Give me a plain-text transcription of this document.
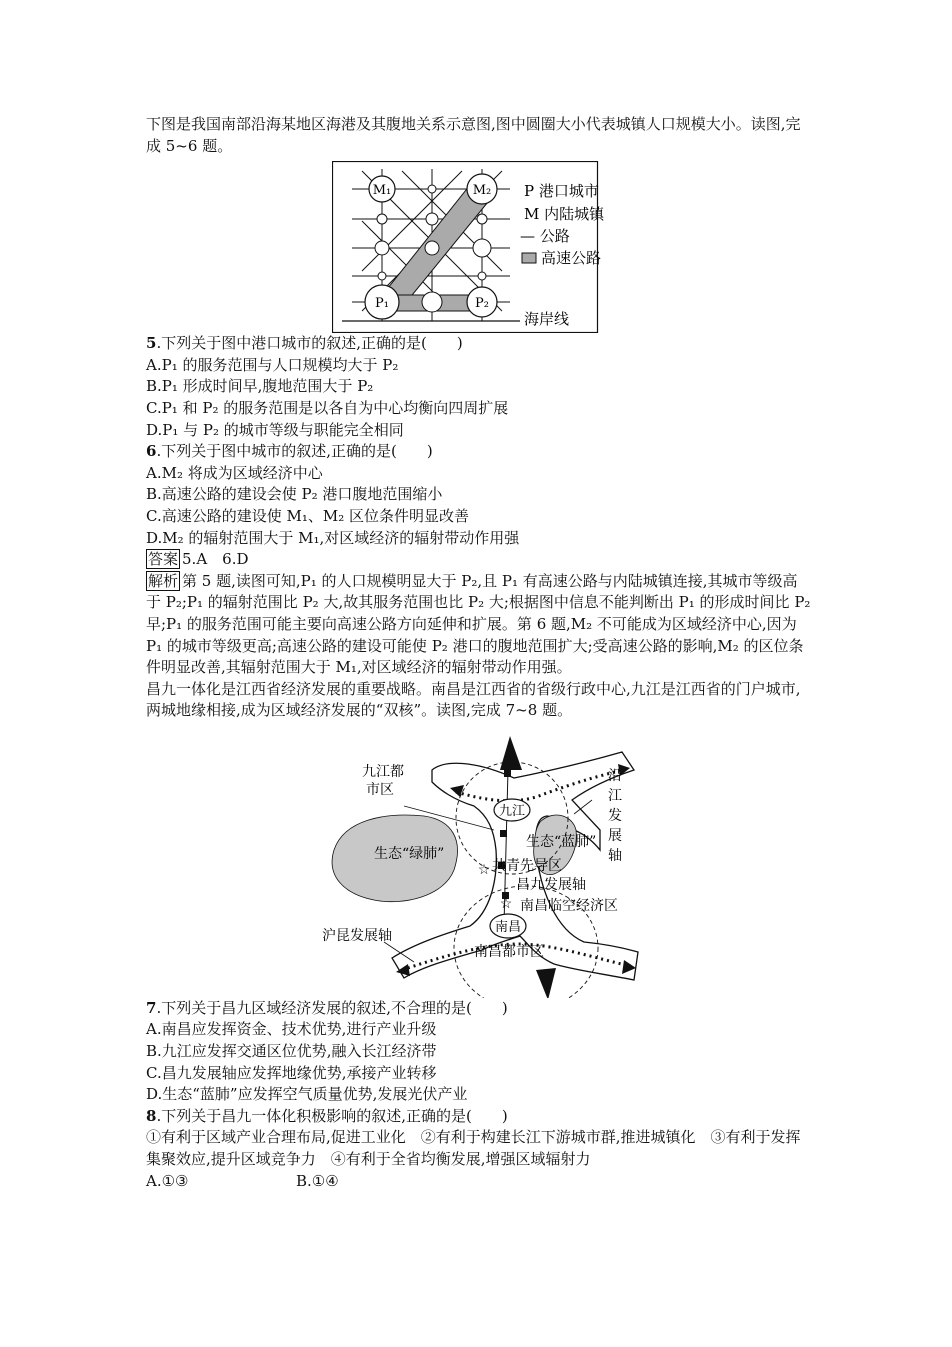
下图是我国南部沿海某地区海港及其腹地关系示意图,图中圆圈大小代表城镇人口规模大小。读图,完成 5~6 题。

M₁	M₂
P₁	P₂
海岸线
P 港口城市
M 内陆城镇
— 公路
高速公路

5.下列关于图中港口城市的叙述,正确的是(　　)

A.P₁ 的服务范围与人口规模均大于 P₂

B.P₁ 形成时间早,腹地范围大于 P₂

C.P₁ 和 P₂ 的服务范围是以各自为中心均衡向四周扩展

D.P₁ 与 P₂ 的城市等级与职能完全相同

6.下列关于图中城市的叙述,正确的是(　　)

A.M₂ 将成为区域经济中心

B.高速公路的建设会使 P₂ 港口腹地范围缩小

C.高速公路的建设使 M₁、M₂ 区位条件明显改善

D.M₂ 的辐射范围大于 M₁,对区域经济的辐射带动作用强

答案 5.A　6.D

解析 第 5 题,读图可知,P₁ 的人口规模明显大于 P₂,且 P₁ 有高速公路与内陆城镇连接,其城市等级高于 P₂;P₁ 的辐射范围比 P₂ 大,故其服务范围也比 P₂ 大;根据图中信息不能判断出 P₁ 的形成时间比 P₂ 早;P₁ 的服务范围可能主要向高速公路方向延伸和扩展。第 6 题,M₂ 不可能成为区域经济中心,因为 P₁ 的城市等级更高;高速公路的建设可能使 P₂ 港口的腹地范围扩大;受高速公路的影响,M₂ 的区位条件明显改善,其辐射范围大于 M₁,对区域经济的辐射带动作用强。

昌九一体化是江西省经济发展的重要战略。南昌是江西省的省级行政中心,九江是江西省的门户城市,两城地缘相接,成为区域经济发展的“双核”。读图,完成 7~8 题。

☆
☆
九江都
市区
九江
沿
江
发
展
轴
生态“蓝肺”
生态“绿肺”
共青先导区
昌九发展轴
南昌临空经济区
沪昆发展轴
南昌
南昌都市区

7.下列关于昌九区域经济发展的叙述,不合理的是(　　)

A.南昌应发挥资金、技术优势,进行产业升级

B.九江应发挥交通区位优势,融入长江经济带

C.昌九发展轴应发挥地缘优势,承接产业转移

D.生态“蓝肺”应发挥空气质量优势,发展光伏产业

8.下列关于昌九一体化积极影响的叙述,正确的是(　　)

①有利于区域产业合理布局,促进工业化　②有利于构建长江下游城市群,推进城镇化　③有利于发挥集聚效应,提升区域竞争力　④有利于全省均衡发展,增强区域辐射力

A.①③	B.①④
